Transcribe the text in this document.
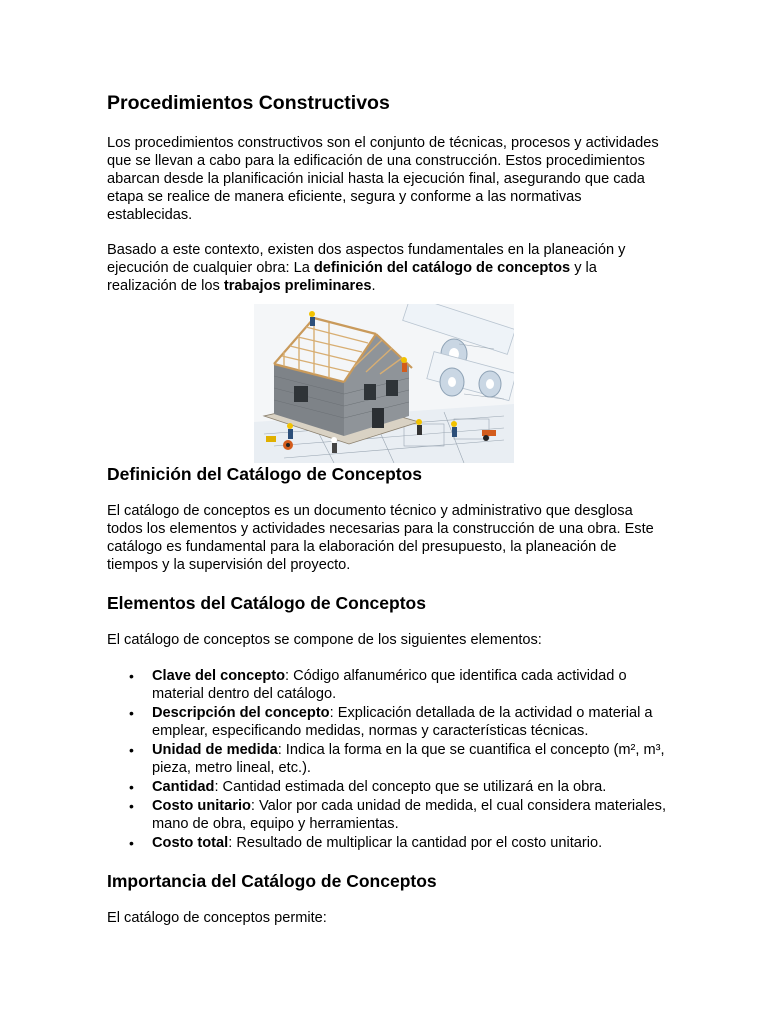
Procedimientos Constructivos

Los procedimientos constructivos son el conjunto de técnicas, procesos y actividades que se llevan a cabo para la edificación de una construcción. Estos procedimientos abarcan desde la planificación inicial hasta la ejecución final, asegurando que cada etapa se realice de manera eficiente, segura y conforme a las normativas establecidas.

Basado a este contexto, existen dos aspectos fundamentales en la planeación y ejecución de cualquier obra: La definición del catálogo de conceptos y la realización de los trabajos preliminares.

Definición del Catálogo de Conceptos

El catálogo de conceptos es un documento técnico y administrativo que desglosa todos los elementos y actividades necesarias para la construcción de una obra. Este catálogo es fundamental para la elaboración del presupuesto, la planeación de tiempos y la supervisión del proyecto.

Elementos del Catálogo de Conceptos

El catálogo de conceptos se compone de los siguientes elementos:

• Clave del concepto: Código alfanumérico que identifica cada actividad o material dentro del catálogo.
• Descripción del concepto: Explicación detallada de la actividad o material a emplear, especificando medidas, normas y características técnicas.
• Unidad de medida: Indica la forma en la que se cuantifica el concepto (m², m³, pieza, metro lineal, etc.).
• Cantidad: Cantidad estimada del concepto que se utilizará en la obra.
• Costo unitario: Valor por cada unidad de medida, el cual considera materiales, mano de obra, equipo y herramientas.
• Costo total: Resultado de multiplicar la cantidad por el costo unitario.
Importancia del Catálogo de Conceptos

El catálogo de conceptos permite:
